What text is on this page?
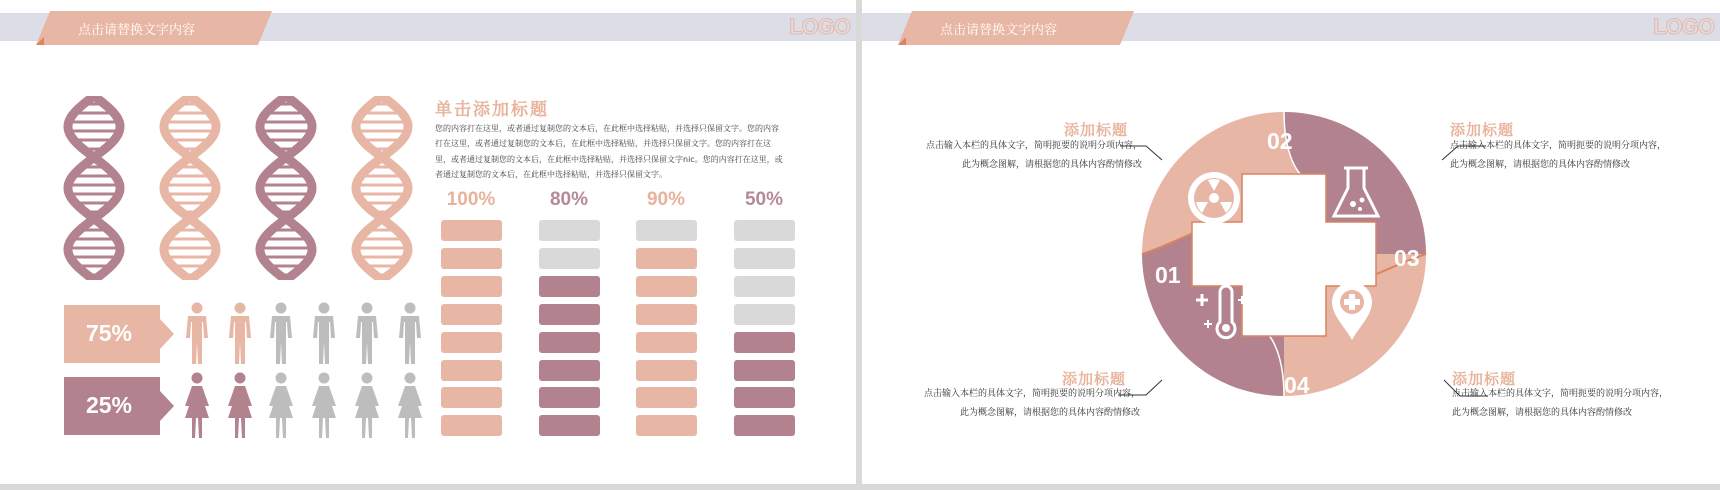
点击请替换文字内容	LOGO
单击添加标题
您的内容打在这里，或者通过复制您的文本后，在此框中选择粘贴，并选择只保留文字。您的内容打在这里，或者通过复制您的文本后，在此框中选择粘贴，并选择只保留文字。您的内容打在这里，或者通过复制您的文本后，在此框中选择粘贴，并选择只保留文字nic。您的内容打在这里，或者通过复制您的文本后，在此框中选择粘贴，并选择只保留文字。
100%	80%	90%	50%
75%
25%
点击请替换文字内容	LOGO
02
03
01
04
添加标题
点击输入本栏的具体文字，简明扼要的说明分项内容，此为概念图解，请根据您的具体内容酌情修改
添加标题
点击输入本栏的具体文字，简明扼要的说明分项内容，此为概念图解，请根据您的具体内容酌情修改
添加标题
点击输入本栏的具体文字，简明扼要的说明分项内容，此为概念图解，请根据您的具体内容酌情修改
添加标题
点击输入本栏的具体文字，简明扼要的说明分项内容，此为概念图解，请根据您的具体内容酌情修改
